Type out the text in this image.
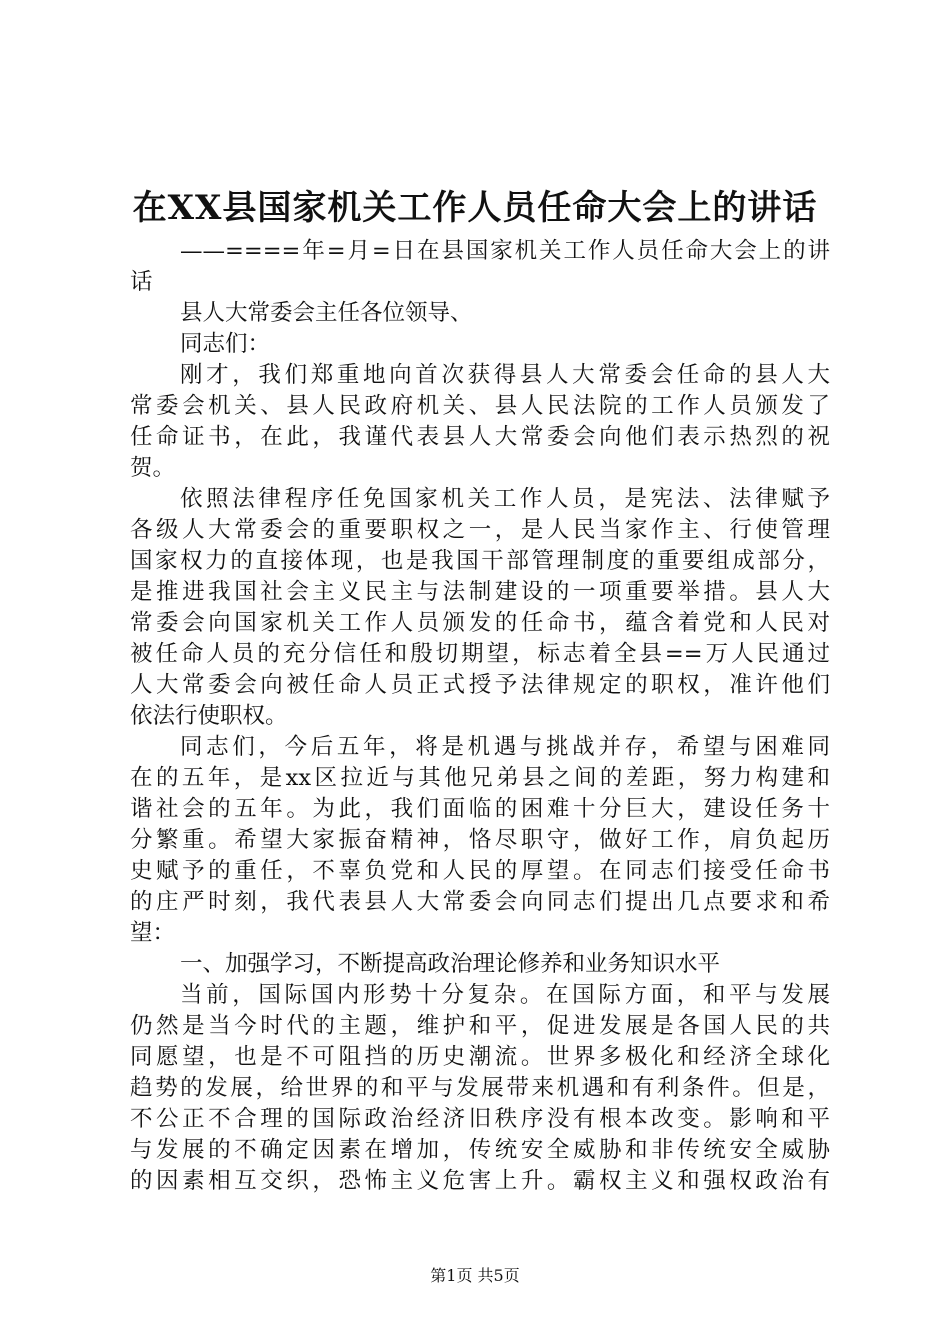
在XX县国家机关工作人员任命大会上的讲话
——====年=月=日在县国家机关工作人员任命大会上的讲
话
县人大常委会主任各位领导、
同志们：
刚才，我们郑重地向首次获得县人大常委会任命的县人大
常委会机关、县人民政府机关、县人民法院的工作人员颁发了
任命证书，在此，我谨代表县人大常委会向他们表示热烈的祝
贺。
依照法律程序任免国家机关工作人员，是宪法、法律赋予
各级人大常委会的重要职权之一，是人民当家作主、行使管理
国家权力的直接体现，也是我国干部管理制度的重要组成部分，
是推进我国社会主义民主与法制建设的一项重要举措。县人大
常委会向国家机关工作人员颁发的任命书，蕴含着党和人民对
被任命人员的充分信任和殷切期望，标志着全县==万人民通过
人大常委会向被任命人员正式授予法律规定的职权，准许他们
依法行使职权。
同志们，今后五年，将是机遇与挑战并存，希望与困难同
在的五年，是xx区拉近与其他兄弟县之间的差距，努力构建和
谐社会的五年。为此，我们面临的困难十分巨大，建设任务十
分繁重。希望大家振奋精神，恪尽职守，做好工作，肩负起历
史赋予的重任，不辜负党和人民的厚望。在同志们接受任命书
的庄严时刻，我代表县人大常委会向同志们提出几点要求和希
望：
一、加强学习，不断提高政治理论修养和业务知识水平
当前，国际国内形势十分复杂。在国际方面，和平与发展
仍然是当今时代的主题，维护和平，促进发展是各国人民的共
同愿望，也是不可阻挡的历史潮流。世界多极化和经济全球化
趋势的发展，给世界的和平与发展带来机遇和有利条件。但是，
不公正不合理的国际政治经济旧秩序没有根本改变。影响和平
与发展的不确定因素在增加，传统安全威胁和非传统安全威胁
的因素相互交织，恐怖主义危害上升。霸权主义和强权政治有
第1页 共5页
